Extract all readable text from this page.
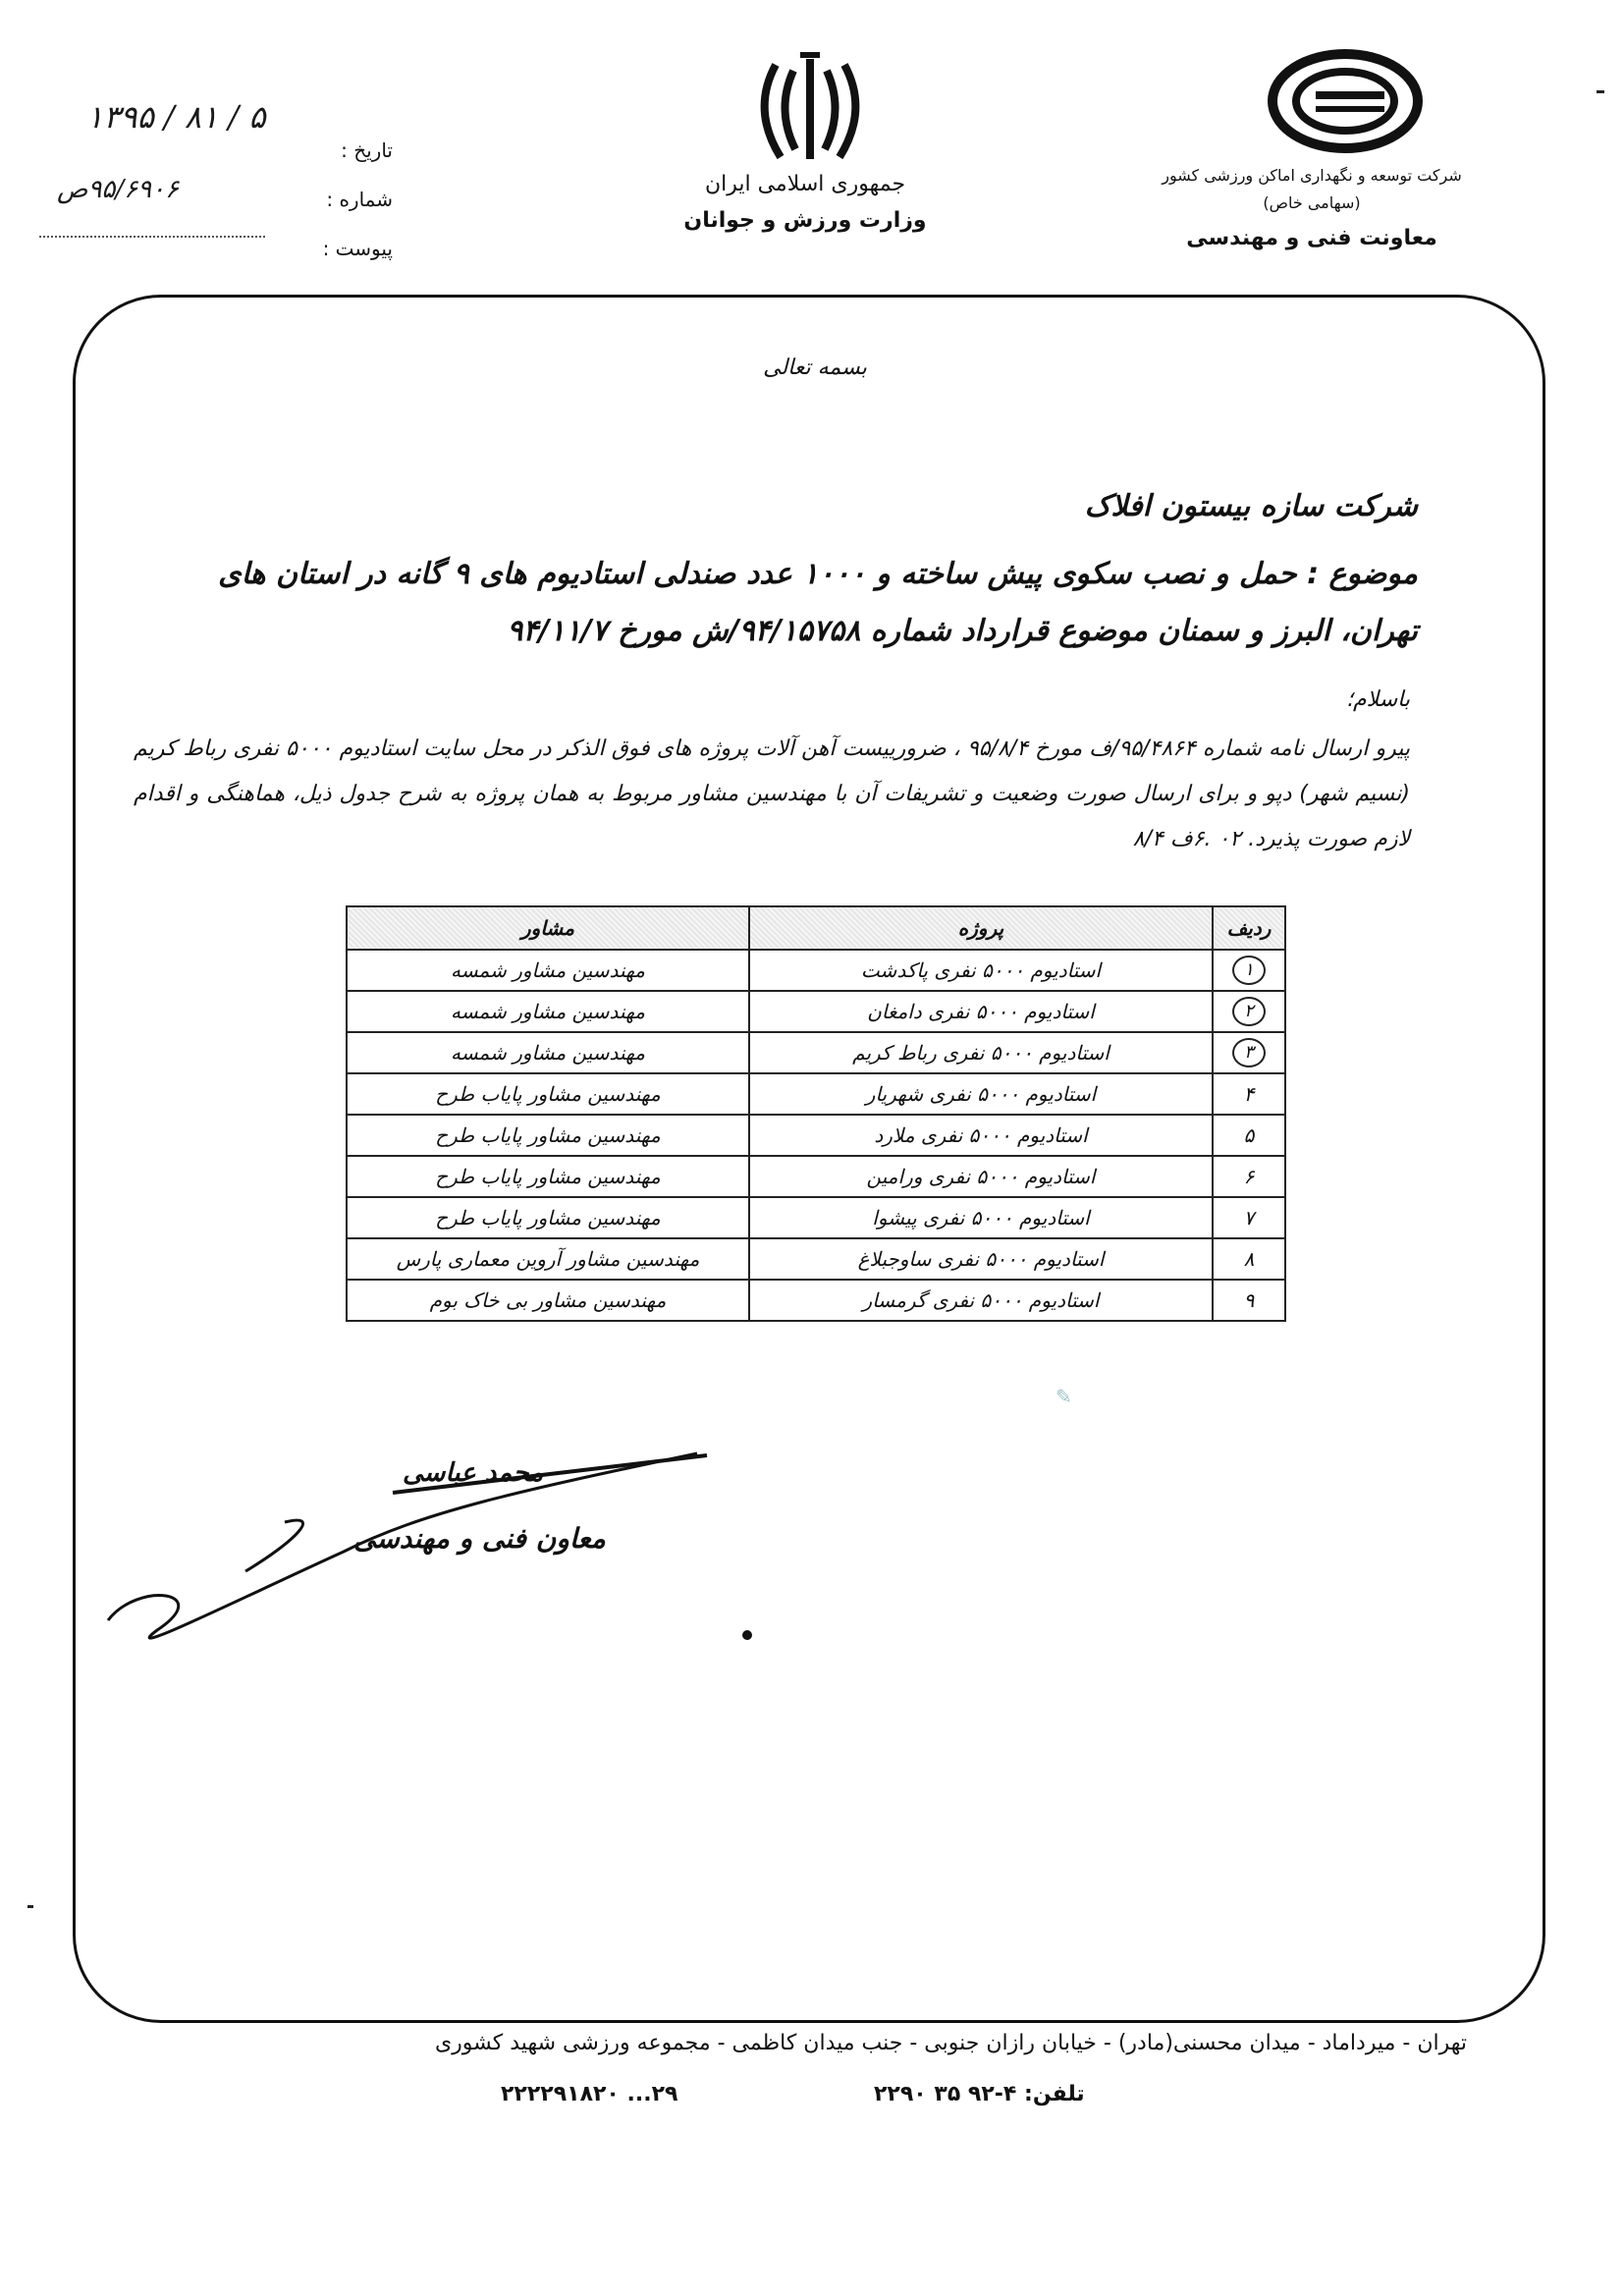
شرکت توسعه و نگهداری اماکن ورزشی کشور
(سهامی خاص)
معاونت فنی و مهندسی
جمهوری اسلامی ایران
وزارت ورزش و جوانان
تاریخ :
شماره :
پیوست :
۱۳۹۵ / ۸۱ / ۵
۹۵/۶۹۰۶ص
بسمه تعالی
شرکت سازه بیستون افلاک
موضوع : حمل و نصب سکوی پیش ساخته و ۱۰۰۰ عدد صندلی استادیوم های ۹ گانه در استان های تهران، البرز و سمنان موضوع قرارداد شماره ۹۴/۱۵۷۵۸/ش مورخ ۹۴/۱۱/۷
باسلام؛
پیرو ارسال نامه شماره ۹۵/۴۸۶۴/ف مورخ ۹۵/۸/۴ ، ضرورییست آهن آلات پروژه های فوق الذکر در محل سایت استادیوم ۵۰۰۰ نفری رباط کریم (نسیم شهر) دپو و برای ارسال صورت وضعیت و تشریفات آن با مهندسین مشاور مربوط به همان پروژه به شرح جدول ذیل، هماهنگی و اقدام لازم صورت پذیرد. ۰۲ .۶ف ۸/۴
ردیف	پروژه	مشاور
۱	استادیوم ۵۰۰۰ نفری پاکدشت	مهندسین مشاور شمسه
۲	استادیوم ۵۰۰۰ نفری دامغان	مهندسین مشاور شمسه
۳	استادیوم ۵۰۰۰ نفری رباط کریم	مهندسین مشاور شمسه
۴	استادیوم ۵۰۰۰ نفری شهریار	مهندسین مشاور پایاب طرح
۵	استادیوم ۵۰۰۰ نفری ملارد	مهندسین مشاور پایاب طرح
۶	استادیوم ۵۰۰۰ نفری ورامین	مهندسین مشاور پایاب طرح
۷	استادیوم ۵۰۰۰ نفری پیشوا	مهندسین مشاور پایاب طرح
۸	استادیوم ۵۰۰۰ نفری ساوجبلاغ	مهندسین مشاور آروین معماری پارس
۹	استادیوم ۵۰۰۰ نفری گرمسار	مهندسین مشاور بی خاک بوم
✎
محمد عباسی
معاون فنی و مهندسی
تهران - میرداماد - میدان محسنی(مادر) - خیابان رازان جنوبی - جنب میدان کاظمی - مجموعه ورزشی شهید کشوری
تلفن: ۴-۹۲ ۳۵ ۲۲۹۰
۲۹... ۲۲۲۲۹۱۸۲۰
